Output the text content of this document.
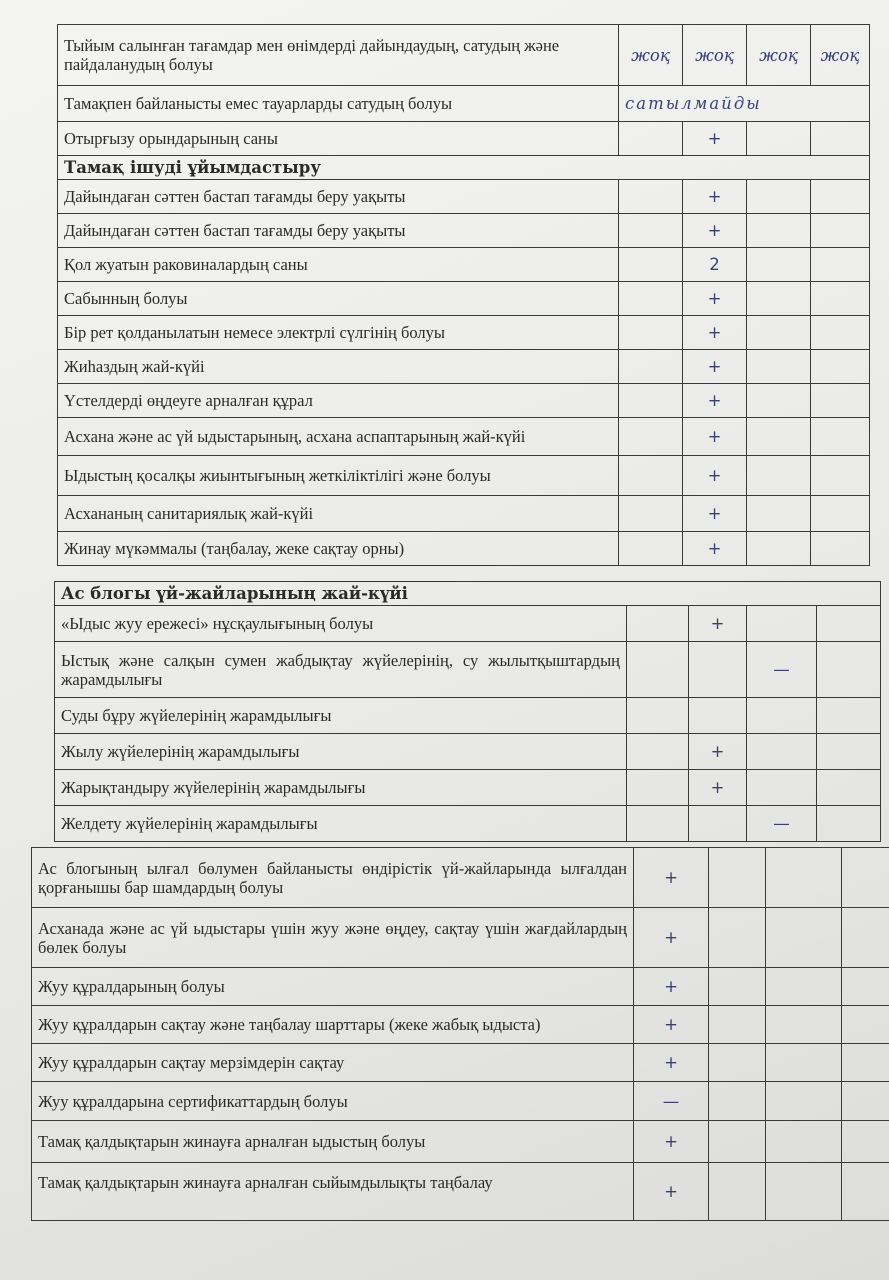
Тыйым салынған тағамдар мен өнімдерді дайындаудың, сатудың және пайдаланудың болуы	жоқ	жоқ	жоқ	жоқ
Тамақпен байланысты емес тауарларды сатудың болуы	сатылмайды			
Отырғызу орындарының саны		+		
Тамақ ішуді ұйымдастыру				
Дайындаған сәттен бастап тағамды беру уақыты		+		
Дайындаған сәттен бастап тағамды беру уақыты		+		
Қол жуатын раковиналардың саны		2		
Сабынның болуы		+		
Бір рет қолданылатын немесе электрлі сүлгінің болуы		+		
Жиһаздың жай-күйі		+		
Үстелдерді өңдеуге арналған құрал		+		
Асхана және ас үй ыдыстарының, асхана аспаптарының жай-күйі		+		
Ыдыстың қосалқы жиынтығының жеткіліктілігі және болуы		+		
Асхананың санитариялық жай-күйі		+		
Жинау мүкәммалы (таңбалау, жеке сақтау орны)		+		
Ас блогы үй-жайларының жай-күйі				
«Ыдыс жуу ережесі» нұсқаулығының болуы		+		
Ыстық және салқын сумен жабдықтау жүйелерінің, су жылытқыштардың жарамдылығы			—	
Суды бұру жүйелерінің жарамдылығы				
Жылу жүйелерінің жарамдылығы		+		
Жарықтандыру жүйелерінің жарамдылығы		+		
Желдету жүйелерінің жарамдылығы			—	
Ас блогының ылғал бөлумен байланысты өндірістік үй-жайларында ылғалдан қорғанышы бар шамдардың болуы	+			
Асханада және ас үй ыдыстары үшін жуу және өңдеу, сақтау үшін жағдайлардың бөлек болуы	+			
Жуу құралдарының болуы	+			
Жуу құралдарын сақтау және таңбалау шарттары (жеке жабық ыдыста)	+			
Жуу құралдарын сақтау мерзімдерін сақтау	+			
Жуу құралдарына сертификаттардың болуы	—			
Тамақ қалдықтарын жинауға арналған ыдыстың болуы	+			
Тамақ қалдықтарын жинауға арналған сыйымдылықты таңбалау	+			
